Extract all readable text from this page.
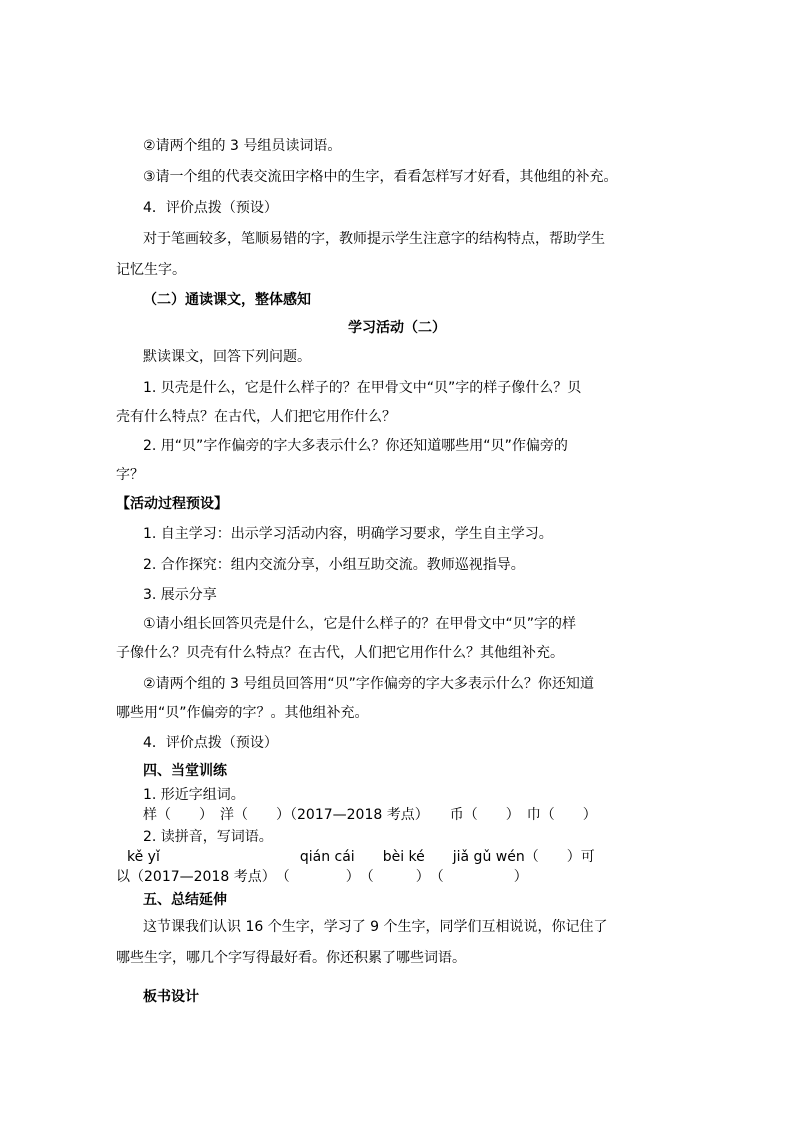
②请两个组的 3 号组员读词语。
③请一个组的代表交流田字格中的生字，看看怎样写才好看，其他组的补充。
4．评价点拨（预设）
对于笔画较多，笔顺易错的字，教师提示学生注意字的结构特点，帮助学生
记忆生字。
（二）通读课文，整体感知
学习活动（二）
默读课文，回答下列问题。
1. 贝壳是什么，它是什么样子的？在甲骨文中“贝”字的样子像什么？贝
壳有什么特点？在古代，人们把它用作什么？
2. 用“贝”字作偏旁的字大多表示什么？你还知道哪些用“贝”作偏旁的
字？
【活动过程预设】
1. 自主学习：出示学习活动内容，明确学习要求，学生自主学习。
2. 合作探究：组内交流分享，小组互助交流。教师巡视指导。
3. 展示分享
①请小组长回答贝壳是什么，它是什么样子的？在甲骨文中“贝”字的样
子像什么？贝壳有什么特点？在古代，人们把它用作什么？其他组补充。
②请两个组的 3 号组员回答用“贝”字作偏旁的字大多表示什么？你还知道
哪些用“贝”作偏旁的字？。其他组补充。
4．评价点拨（预设）
四、当堂训练
1. 形近字组词。
样（　　）　洋（　　）（2017—2018 考点）　　币（　　）　巾（　　）
2. 读拼音，写词语。
kě yǐ　　　　　　　　　　qián cái　　bèi ké　　jiǎ gǔ wén（　　）可
以（2017—2018 考点）　（　　　　）　（　　　）　（　　　　　）
五、总结延伸
这节课我们认识 16 个生字，学习了 9 个生字，同学们互相说说，你记住了
哪些生字，哪几个字写得最好看。你还积累了哪些词语。
板书设计
